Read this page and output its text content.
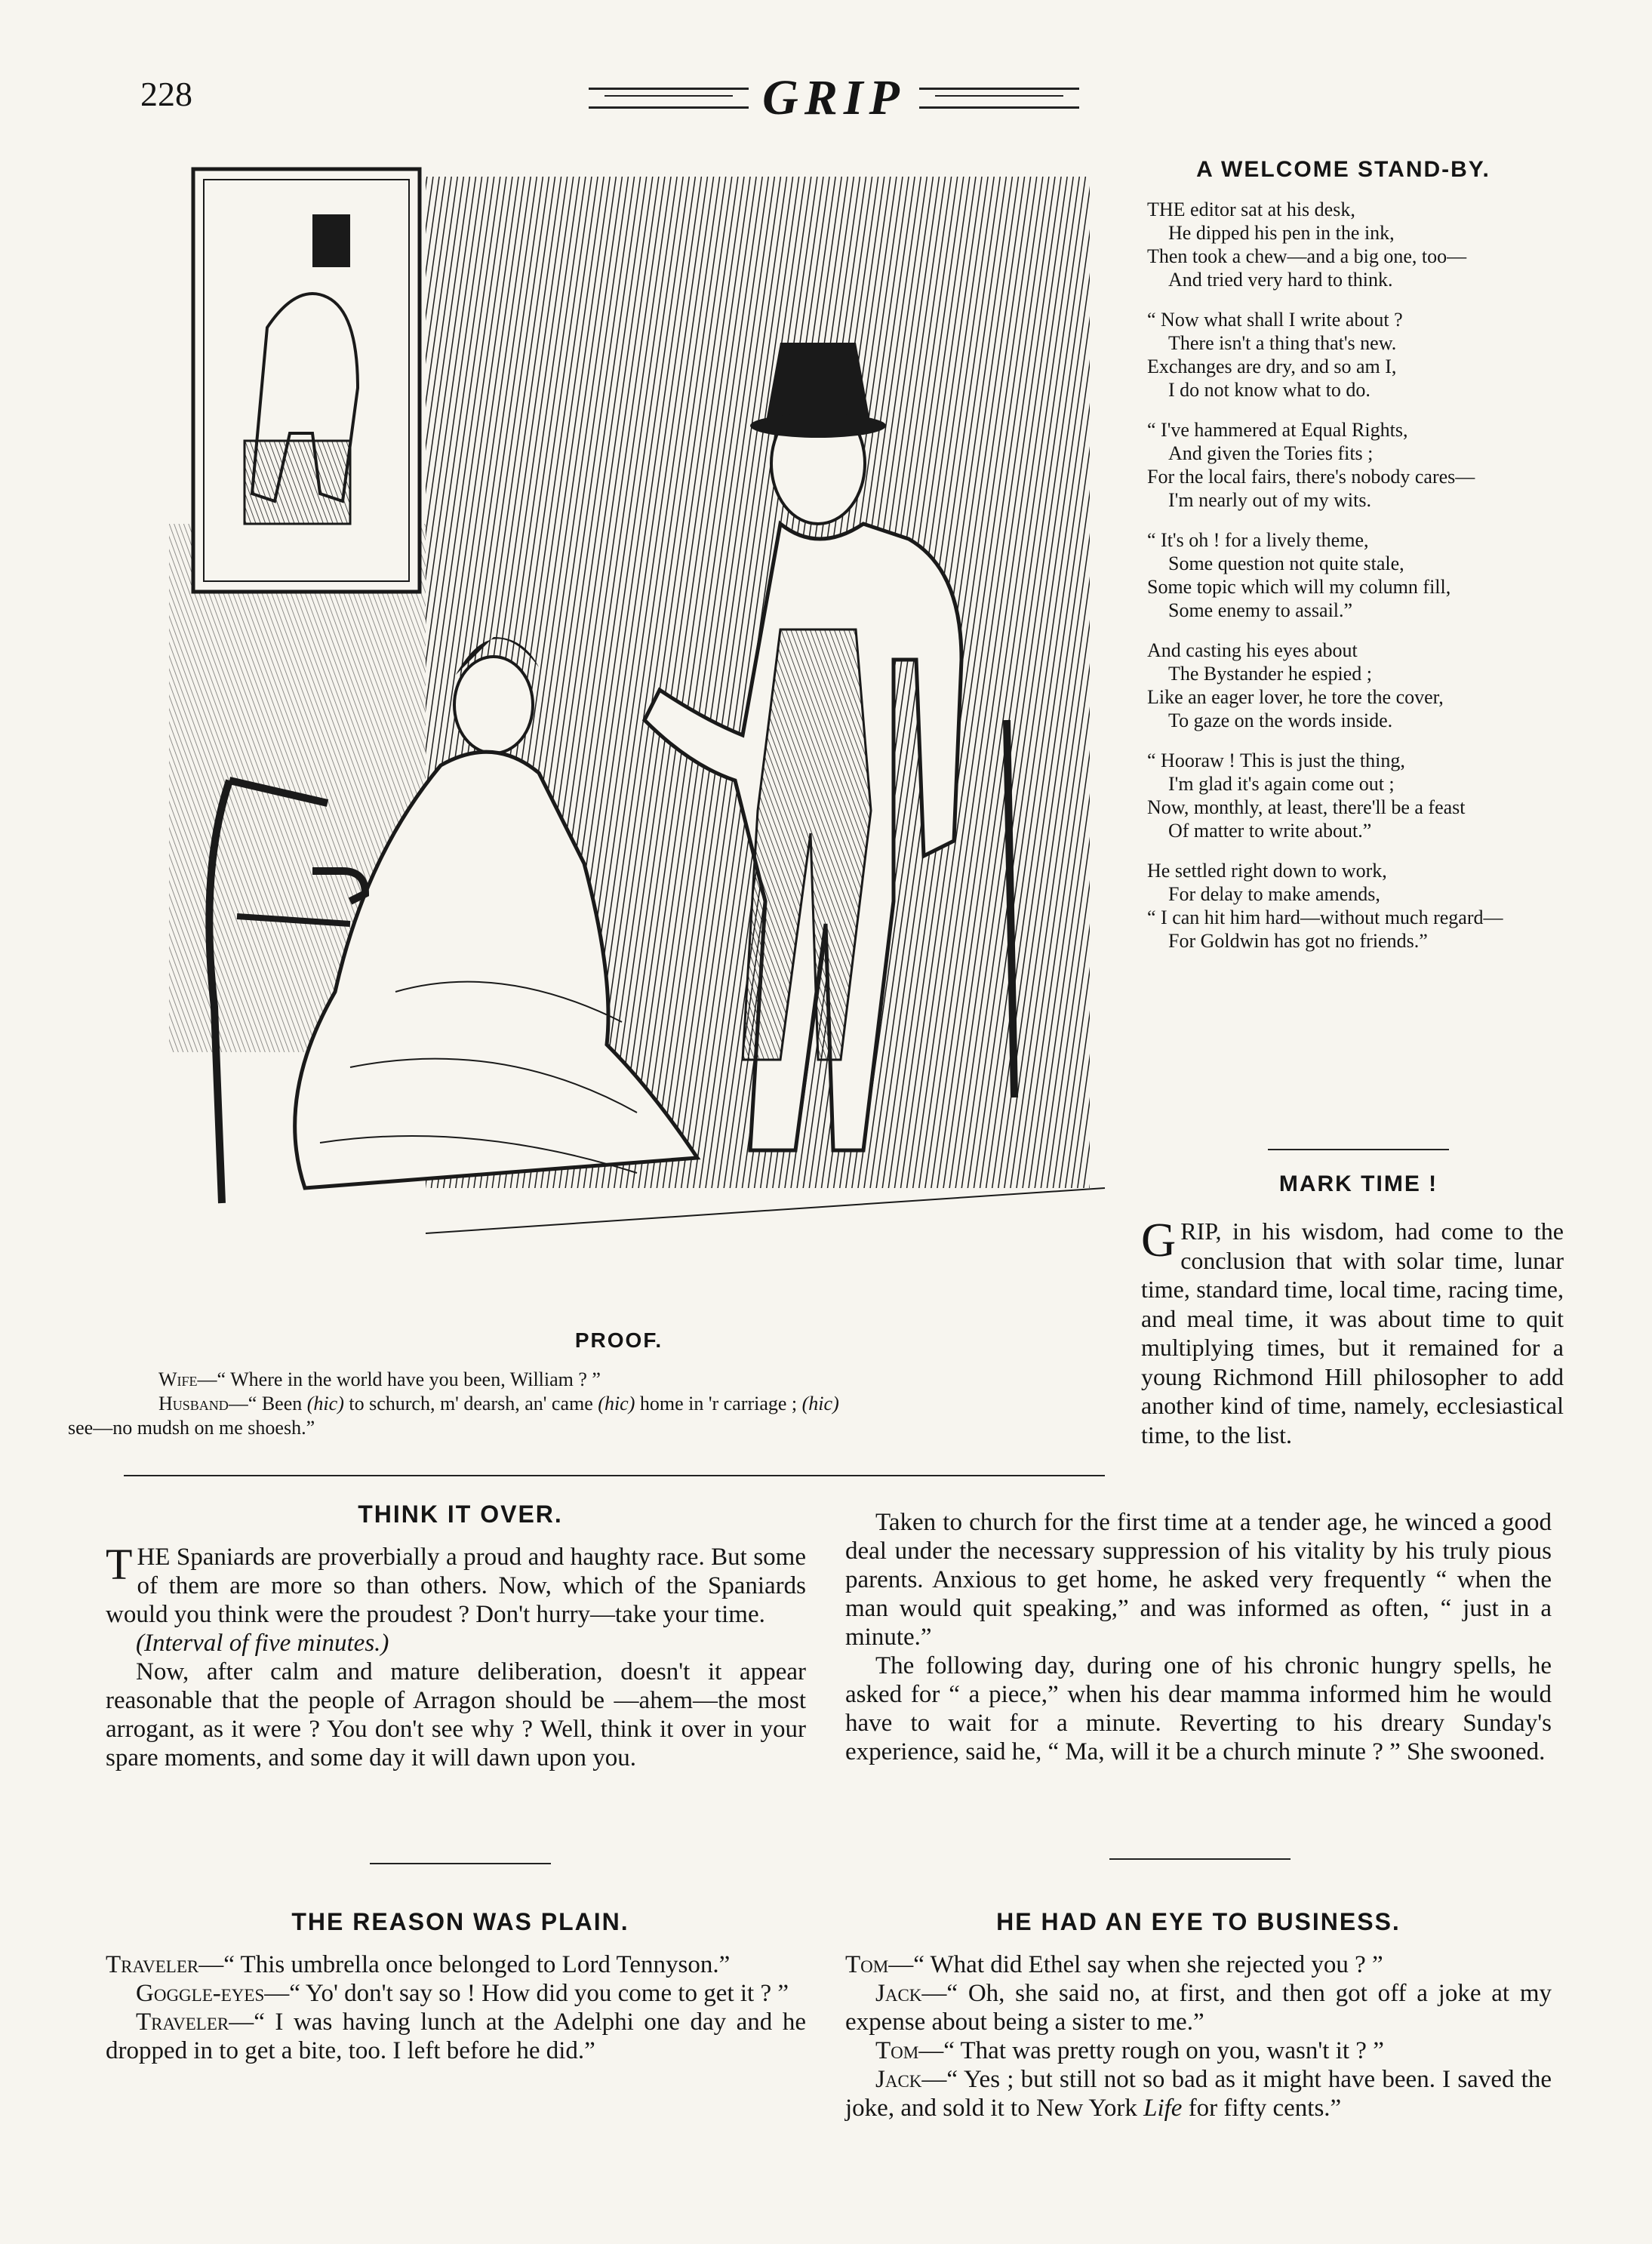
228	GRIP
PROOF.
Wife—“ Where in the world have you been, William ? ”
Husband—“ Been (hic) to schurch, m' dearsh, an' came (hic) home in 'r carriage ; (hic)
see—no mudsh on me shoesh.”
A WELCOME STAND-BY.
THE editor sat at his desk,
He dipped his pen in the ink,
Then took a chew—and a big one, too—
And tried very hard to think.
“ Now what shall I write about ?
There isn't a thing that's new.
Exchanges are dry, and so am I,
I do not know what to do.
“ I've hammered at Equal Rights,
And given the Tories fits ;
For the local fairs, there's nobody cares—
I'm nearly out of my wits.
“ It's oh ! for a lively theme,
Some question not quite stale,
Some topic which will my column fill,
Some enemy to assail.”
And casting his eyes about
The Bystander he espied ;
Like an eager lover, he tore the cover,
To gaze on the words inside.
“ Hooraw ! This is just the thing,
I'm glad it's again come out ;
Now, monthly, at least, there'll be a feast
Of matter to write about.”
He settled right down to work,
For delay to make amends,
“ I can hit him hard—without much regard—
For Goldwin has got no friends.”
MARK TIME !
GRIP, in his wisdom, had come to the conclusion that with solar time, lunar time, standard time, local time, racing time, and meal time, it was about time to quit multiplying times, but it remained for a young Richmond Hill philosopher to add another kind of time, namely, ecclesiastical time, to the list.

Taken to church for the first time at a tender age, he winced a good deal under the necessary suppression of his vitality by his truly pious parents. Anxious to get home, he asked very frequently “ when the man would quit speaking,” and was informed as often, “ just in a minute.”

The following day, during one of his chronic hungry spells, he asked for “ a piece,” when his dear mamma informed him he would have to wait for a minute. Reverting to his dreary Sunday's experience, said he, “ Ma, will it be a church minute ? ” She swooned.

THINK IT OVER.

THE Spaniards are proverbially a proud and haughty race. But some of them are more so than others. Now, which of the Spaniards would you think were the proudest ? Don't hurry—take your time.

(Interval of five minutes.)

Now, after calm and mature deliberation, doesn't it appear reasonable that the people of Arragon should be —ahem—the most arrogant, as it were ? You don't see why ? Well, think it over in your spare moments, and some day it will dawn upon you.

THE REASON WAS PLAIN.

Traveler—“ This umbrella once belonged to Lord Tennyson.”

Goggle-eyes—“ Yo' don't say so ! How did you come to get it ? ”

Traveler—“ I was having lunch at the Adelphi one day and he dropped in to get a bite, too. I left before he did.”

HE HAD AN EYE TO BUSINESS.

Tom—“ What did Ethel say when she rejected you ? ”

Jack—“ Oh, she said no, at first, and then got off a joke at my expense about being a sister to me.”

Tom—“ That was pretty rough on you, wasn't it ? ”

Jack—“ Yes ; but still not so bad as it might have been. I saved the joke, and sold it to New York Life for fifty cents.”
